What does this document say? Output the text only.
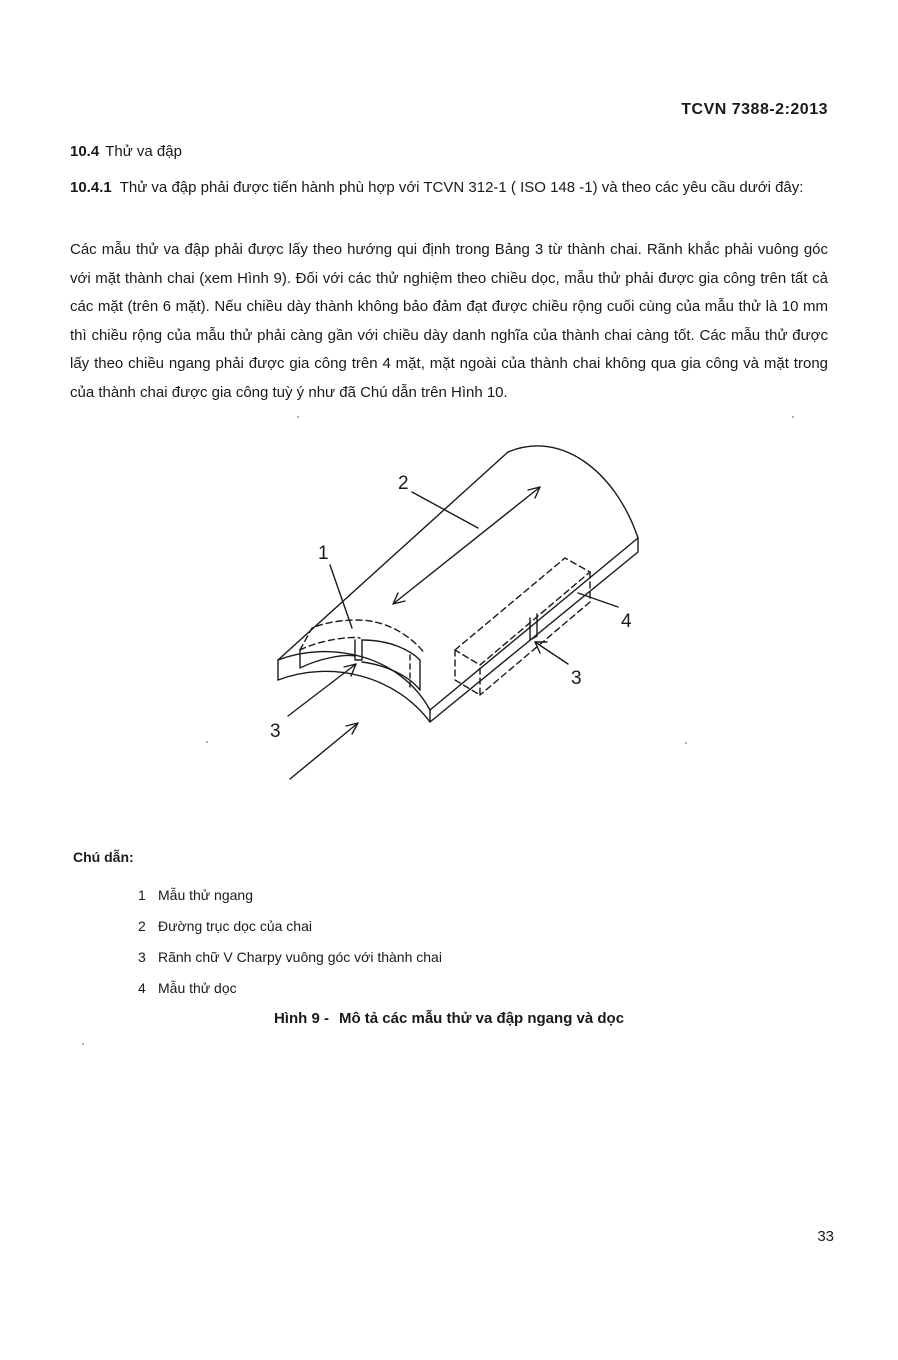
TCVN 7388-2:2013
10.4 Thử va đập
10.4.1 Thử va đập phải được tiến hành phù hợp với TCVN 312-1 ( ISO 148 -1) và theo các yêu cầu dưới đây:
Các mẫu thử va đập phải được lấy theo hướng qui định trong Bảng 3 từ thành chai. Rãnh khắc phải vuông góc với mặt thành chai (xem Hình 9). Đối với các thử nghiệm theo chiều dọc, mẫu thử phải được gia công trên tất cả các mặt (trên 6 mặt). Nếu chiều dày thành không bảo đảm đạt được chiều rộng cuối cùng của mẫu thử là 10 mm thì chiều rộng của mẫu thử phải càng gần với chiều dày danh nghĩa của thành chai càng tốt. Các mẫu thử được lấy theo chiều ngang phải được gia công trên 4 mặt, mặt ngoài của thành chai không qua gia công và mặt trong của thành chai được gia công tuỳ ý như đã Chú dẫn trên Hình 10.
1
2
3
3
4
Chú dẫn:
1 Mẫu thử ngang
2 Đường trục dọc của chai
3 Rãnh chữ V Charpy vuông góc với thành chai
4 Mẫu thử dọc
Hình 9 - Mô tả các mẫu thử va đập ngang và dọc
33
